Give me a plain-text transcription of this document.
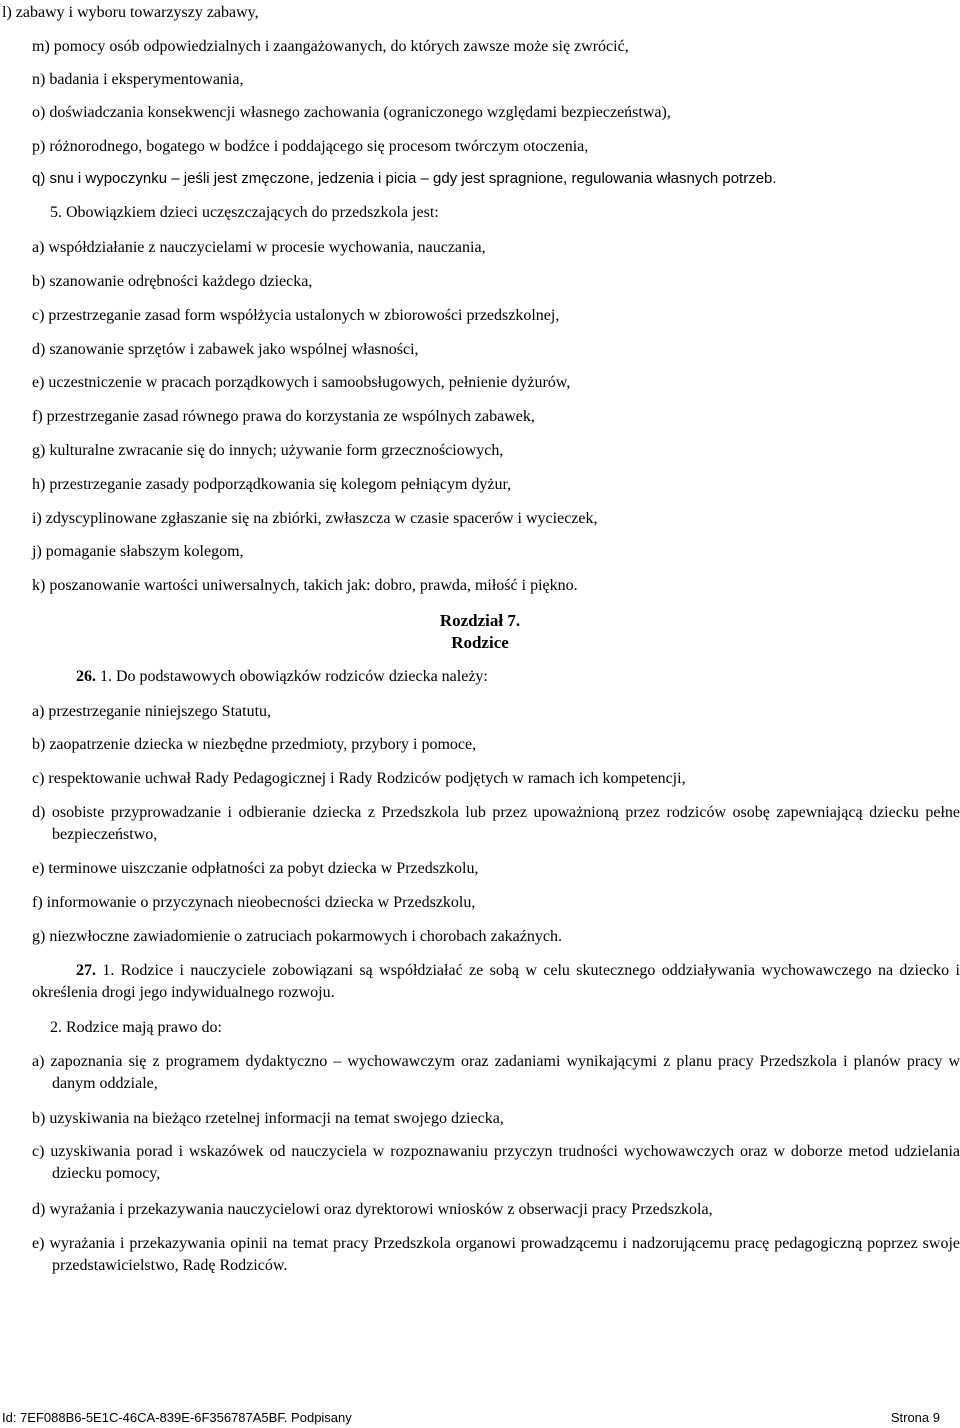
l) zabawy i wyboru towarzyszy zabawy,
m) pomocy osób odpowiedzialnych i zaangażowanych, do których zawsze może się zwrócić,
n) badania i eksperymentowania,
o) doświadczania konsekwencji własnego zachowania (ograniczonego względami bezpieczeństwa),
p) różnorodnego, bogatego w bodźce i poddającego się procesom twórczym otoczenia,
q) snu i wypoczynku – jeśli jest zmęczone, jedzenia i picia – gdy jest spragnione, regulowania własnych potrzeb.
5. Obowiązkiem dzieci uczęszczających do przedszkola jest:
a) współdziałanie z nauczycielami w procesie wychowania, nauczania,
b) szanowanie odrębności każdego dziecka,
c) przestrzeganie zasad form współżycia ustalonych w zbiorowości przedszkolnej,
d) szanowanie sprzętów i zabawek jako wspólnej własności,
e) uczestniczenie w pracach porządkowych i samoobsługowych, pełnienie dyżurów,
f) przestrzeganie zasad równego prawa do korzystania ze wspólnych zabawek,
g) kulturalne zwracanie się do innych; używanie form grzecznościowych,
h) przestrzeganie zasady podporządkowania się kolegom pełniącym dyżur,
i) zdyscyplinowane zgłaszanie się na zbiórki, zwłaszcza w czasie spacerów i wycieczek,
j) pomaganie słabszym kolegom,
k) poszanowanie wartości uniwersalnych, takich jak: dobro, prawda, miłość i piękno.
Rozdział 7.
Rodzice
26. 1. Do podstawowych obowiązków rodziców dziecka należy:
a) przestrzeganie niniejszego Statutu,
b) zaopatrzenie dziecka w niezbędne przedmioty, przybory i pomoce,
c) respektowanie uchwał Rady Pedagogicznej i Rady Rodziców podjętych w ramach ich kompetencji,
d) osobiste przyprowadzanie i odbieranie dziecka z Przedszkola lub przez upoważnioną przez rodziców osobę zapewniającą dziecku pełne bezpieczeństwo,
e) terminowe uiszczanie odpłatności za pobyt dziecka w Przedszkolu,
f) informowanie o przyczynach nieobecności dziecka w Przedszkolu,
g) niezwłoczne zawiadomienie o zatruciach pokarmowych i chorobach zakaźnych.
27. 1. Rodzice i nauczyciele zobowiązani są współdziałać ze sobą w celu skutecznego oddziaływania wychowawczego na dziecko i określenia drogi jego indywidualnego rozwoju.
2. Rodzice mają prawo do:
a) zapoznania się z programem dydaktyczno – wychowawczym oraz zadaniami wynikającymi z planu pracy Przedszkola i planów pracy w danym oddziale,
b) uzyskiwania na bieżąco rzetelnej informacji na temat swojego dziecka,
c) uzyskiwania porad i wskazówek od nauczyciela w rozpoznawaniu przyczyn trudności wychowawczych oraz w doborze metod udzielania dziecku pomocy,
d) wyrażania i przekazywania nauczycielowi oraz dyrektorowi wniosków z obserwacji pracy Przedszkola,
e) wyrażania i przekazywania opinii na temat pracy Przedszkola organowi prowadzącemu i nadzorującemu pracę pedagogiczną poprzez swoje przedstawicielstwo, Radę Rodziców.
Id: 7EF088B6-5E1C-46CA-839E-6F356787A5BF. Podpisany	Strona 9
